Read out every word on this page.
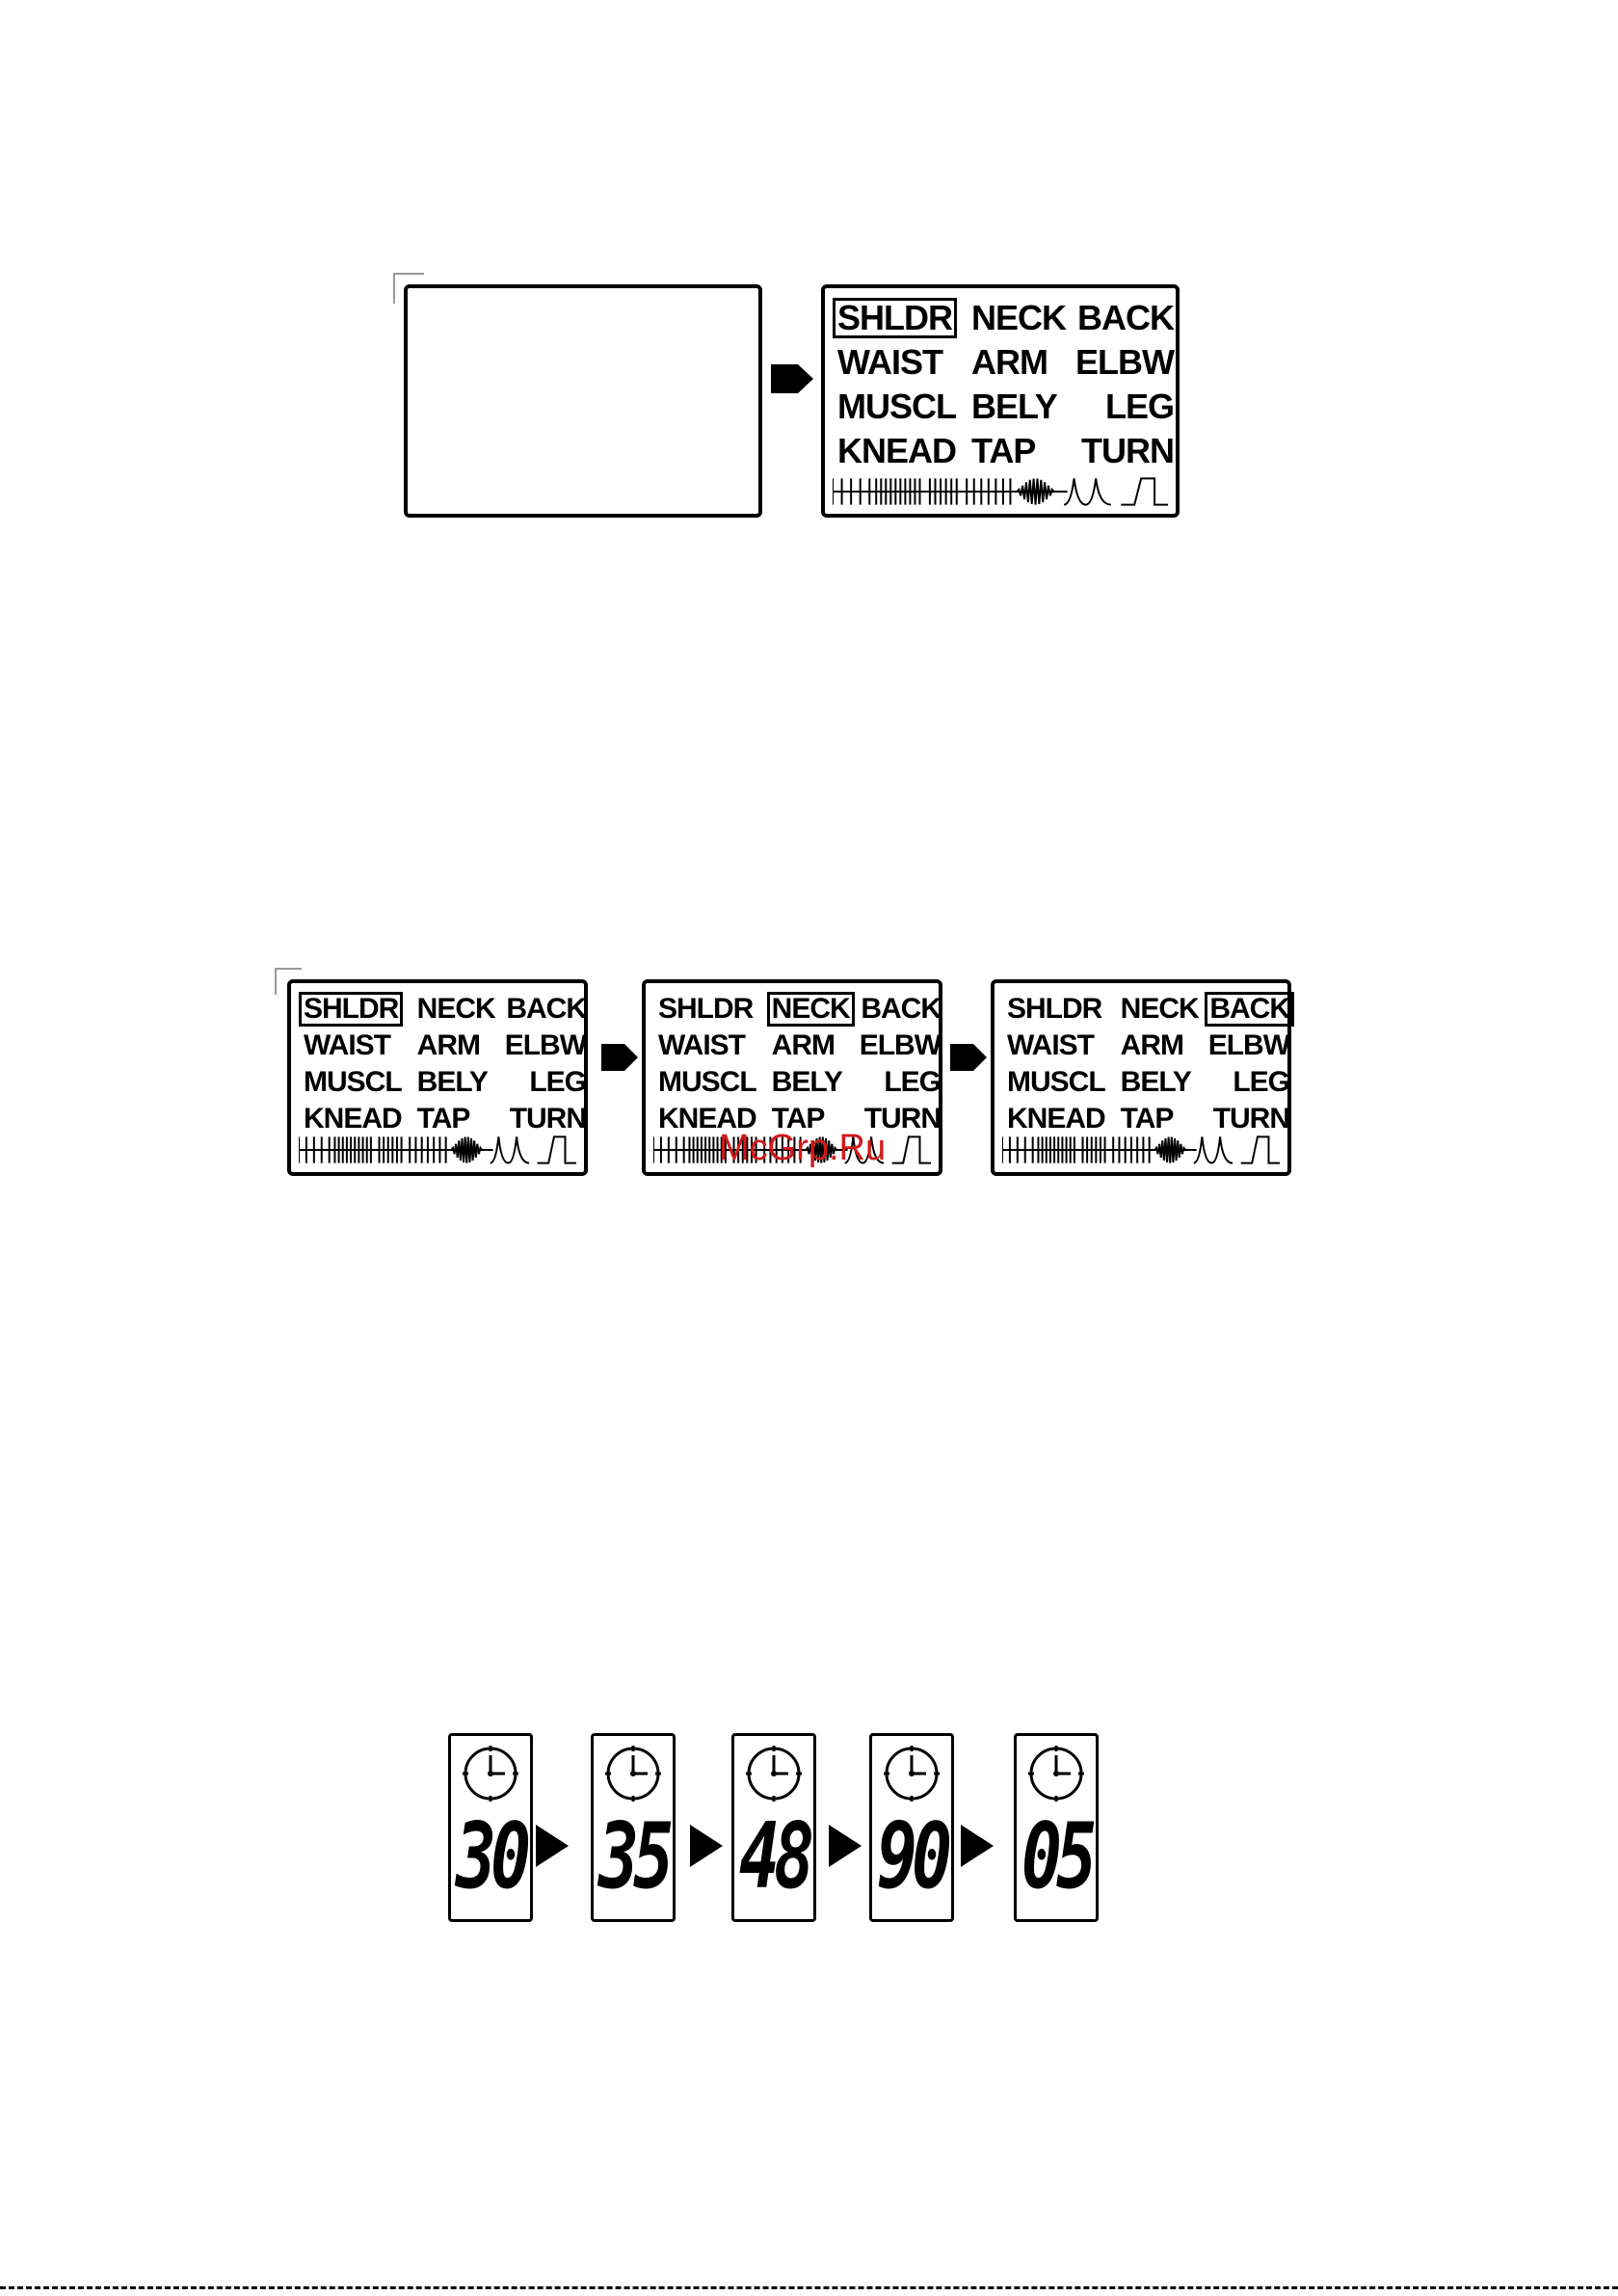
SHLDR NECK BACK
WAIST ARM ELBW
MUSCL BELY	LEG
KNEAD TAP	TURN
SHLDR NECK BACK
WAIST ARM ELBW
MUSCL BELY	LEG
KNEAD TAP	TURN
SHLDR NECK BACK
WAIST ARM ELBW
MUSCL BELY	LEG
KNEAD TAP	TURN
SHLDR NECK BACK
WAIST ARM ELBW
MUSCL BELY	LEG
KNEAD TAP	TURN
McGrp.Ru
30 35 48 90 05
